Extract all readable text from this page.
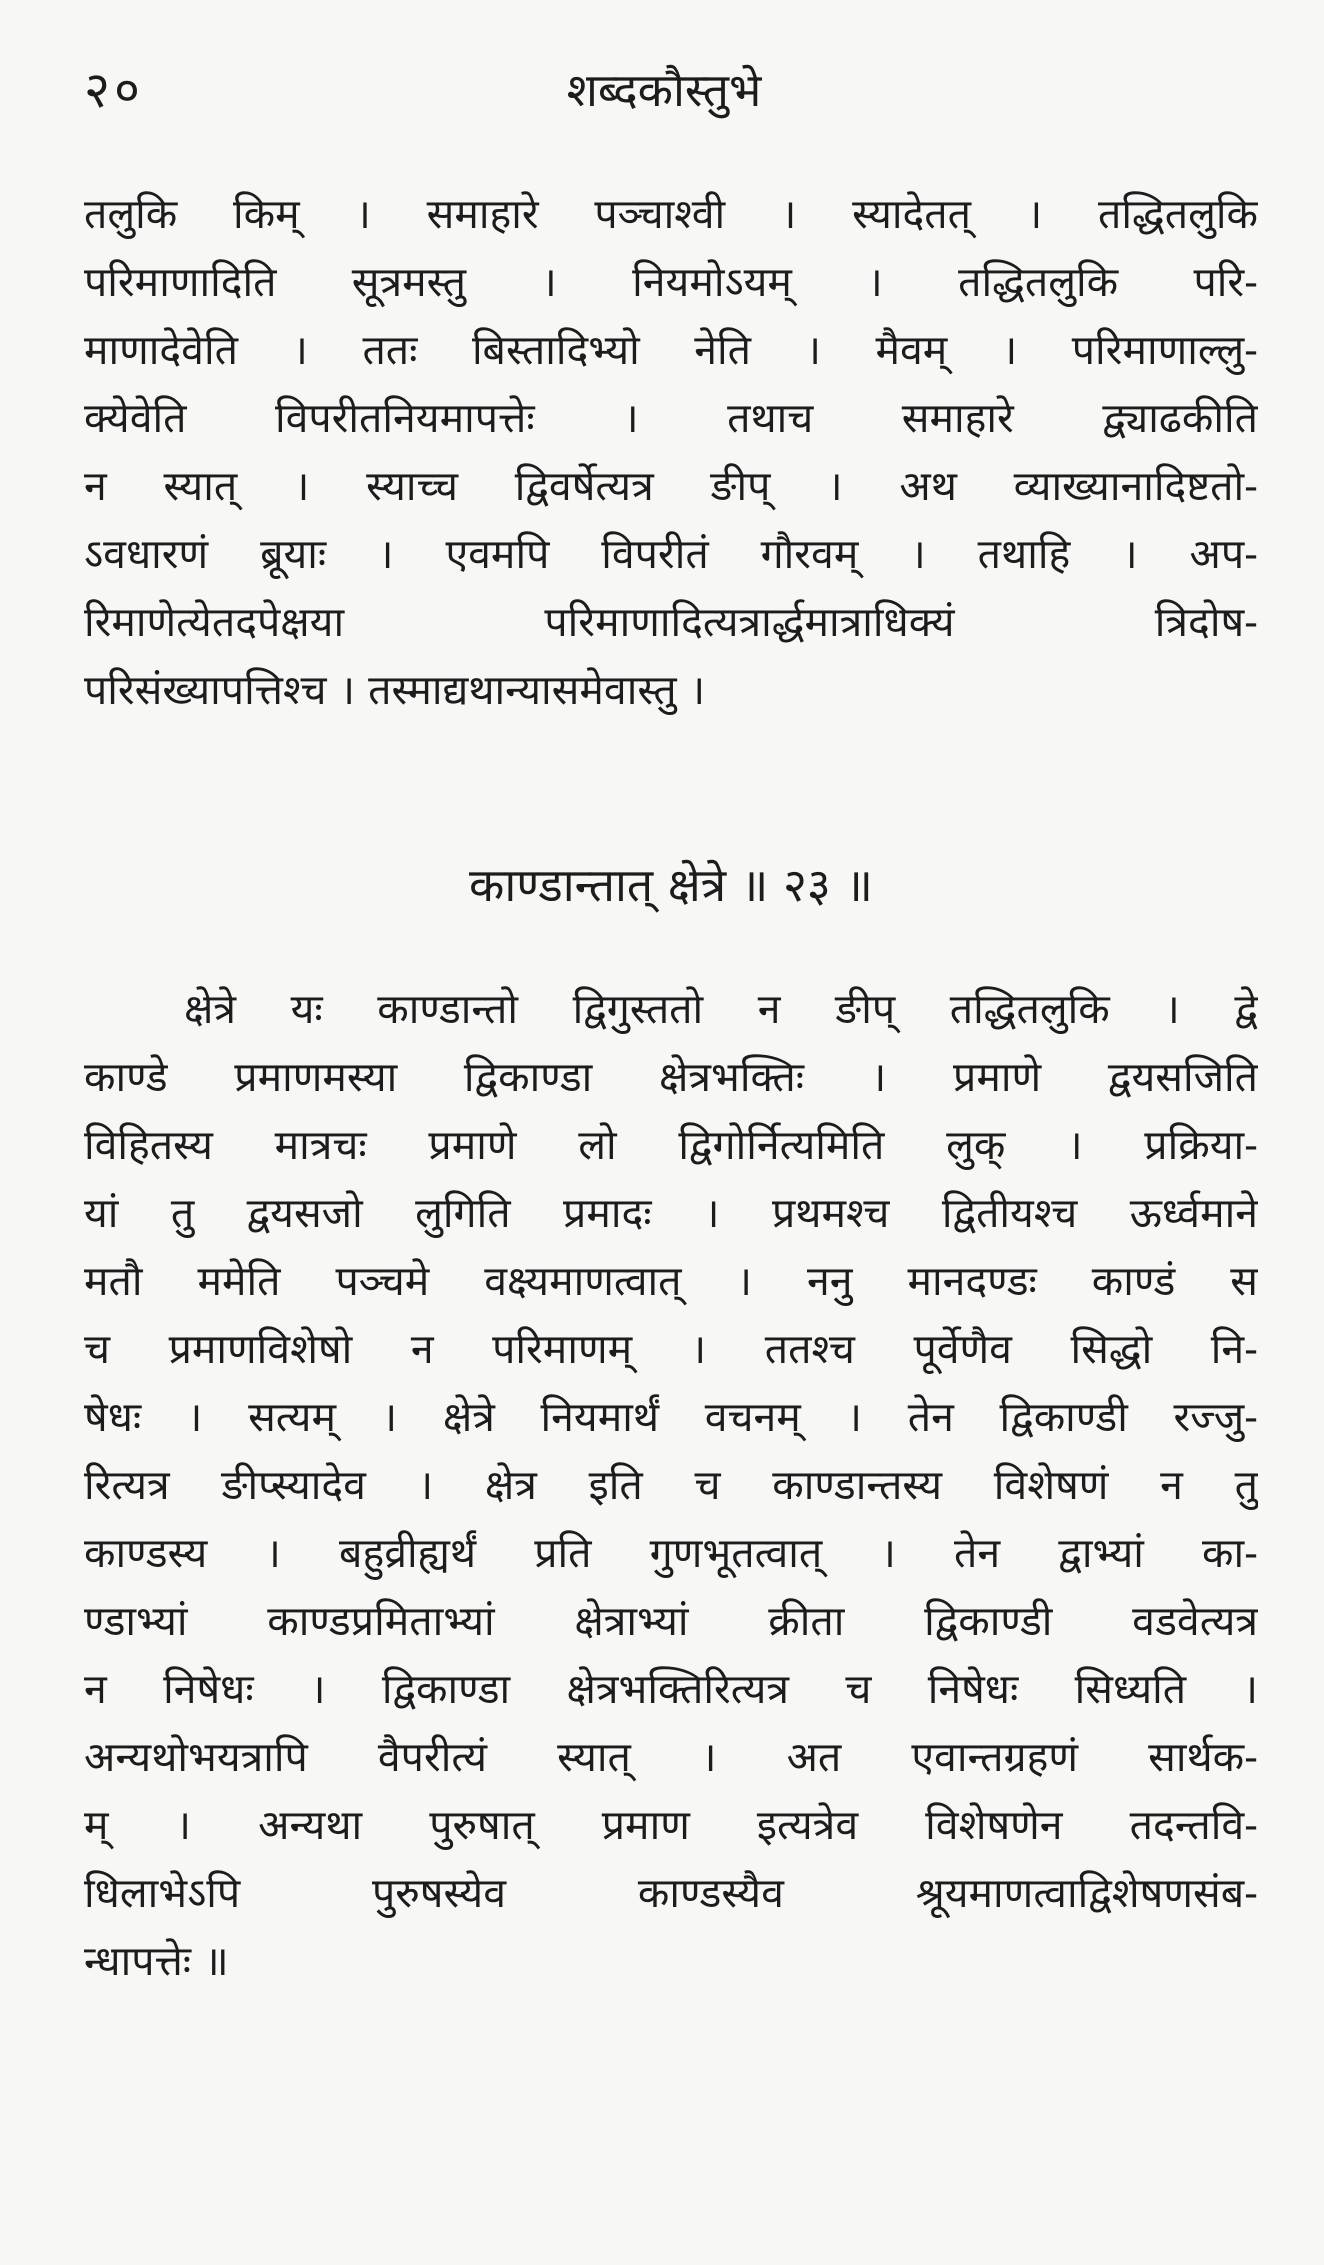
२०	शब्दकौस्तुभे
तलुकि किम् । समाहारे पञ्चाश्वी । स्यादेतत् । तद्धितलुकि
परिमाणादिति सूत्रमस्तु । नियमोऽयम् । तद्धितलुकि परि-
माणादेवेति । ततः बिस्तादिभ्यो नेति । मैवम् । परिमाणाल्लु-
क्येवेति विपरीतनियमापत्तेः । तथाच समाहारे द्व्याढकीति
न स्यात् । स्याच्च द्विवर्षेत्यत्र ङीप् । अथ व्याख्यानादिष्टतो-
ऽवधारणं ब्रूयाः । एवमपि विपरीतं गौरवम् । तथाहि । अप-
रिमाणेत्येतदपेक्षया परिमाणादित्यत्रार्द्धमात्राधिक्यं त्रिदोष-
परिसंख्यापत्तिश्च । तस्माद्यथान्यासमेवास्तु ।
काण्डान्तात् क्षेत्रे ॥ २३ ॥
क्षेत्रे यः काण्डान्तो द्विगुस्ततो न ङीप् तद्धितलुकि । द्वे
काण्डे प्रमाणमस्या द्विकाण्डा क्षेत्रभक्तिः । प्रमाणे द्वयसजिति
विहितस्य मात्रचः प्रमाणे लो द्विगोर्नित्यमिति लुक् । प्रक्रिया-
यां तु द्वयसजो लुगिति प्रमादः । प्रथमश्च द्वितीयश्च ऊर्ध्वमाने
मतौ ममेति पञ्चमे वक्ष्यमाणत्वात् । ननु मानदण्डः काण्डं स
च प्रमाणविशेषो न परिमाणम् । ततश्च पूर्वेणैव सिद्धो नि-
षेधः । सत्यम् । क्षेत्रे नियमार्थं वचनम् । तेन द्विकाण्डी रज्जु-
रित्यत्र ङीप्स्यादेव । क्षेत्र इति च काण्डान्तस्य विशेषणं न तु
काण्डस्य । बहुव्रीह्यर्थं प्रति गुणभूतत्वात् । तेन द्वाभ्यां का-
ण्डाभ्यां काण्डप्रमिताभ्यां क्षेत्राभ्यां क्रीता द्विकाण्डी वडवेत्यत्र
न निषेधः । द्विकाण्डा क्षेत्रभक्तिरित्यत्र च निषेधः सिध्यति ।
अन्यथोभयत्रापि वैपरीत्यं स्यात् । अत एवान्तग्रहणं सार्थक-
म् । अन्यथा पुरुषात् प्रमाण इत्यत्रेव विशेषणेन तदन्तवि-
धिलाभेऽपि पुरुषस्येव काण्डस्यैव श्रूयमाणत्वाद्विशेषणसंब-
न्धापत्तेः ॥
